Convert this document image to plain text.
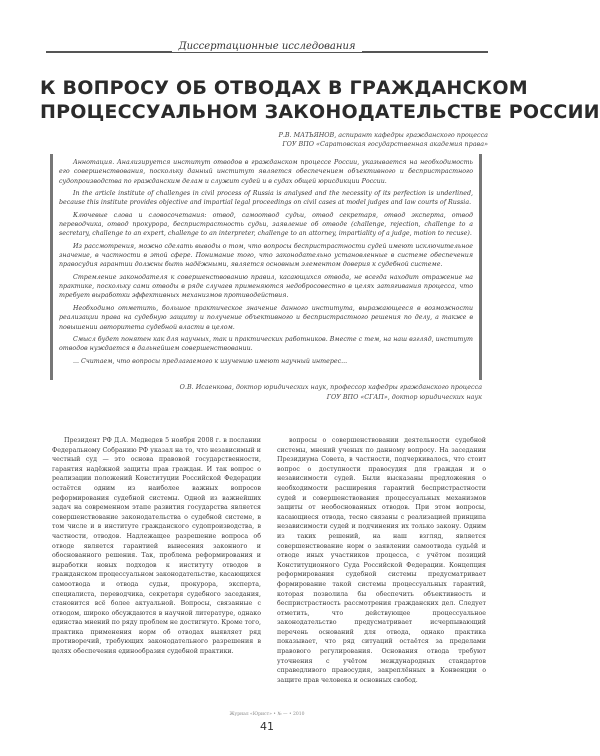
Диссертационные исследования
К ВОПРОСУ ОБ ОТВОДАХ В ГРАЖДАНСКОМ
ПРОЦЕССУАЛЬНОМ ЗАКОНОДАТЕЛЬСТВЕ РОССИИ
Р.В. МАТЬЯНОВ, аспирант кафедры гражданского процесса
ГОУ ВПО «Саратовская государственная академия права»

Аннотация. Анализируется институт отводов в гражданском процессе России, указывается на необходимость его совершенствования, поскольку данный институт является обеспечением объективного и беспристрастного судопроизводства по гражданским делам и служит судей и в судах общей юрисдикции России.

In the article institute of challenges in civil process of Russia is analysed and the necessity of its perfection is underlined, because this institute provides objective and impartial legal proceedings on civil cases at model judges and law courts of Russia.

Ключевые слова и словосочетания: отвод, самоотвод судьи, отвод секретаря, отвод эксперта, отвод переводчика, отвод прокурора, беспристрастность судьи, заявление об отводе (challenge, rejection, challenge to a secretary, challenge to an expert, challenge to an interpreter, challenge to an attorney, impartiality of a judge, motion to recuse).

Из рассмотрения, можно сделать выводы о том, что вопросы беспристрастности судей имеют исключительное значение, в частности в этой сфере. Понимание того, что законодательно установленные в системе обеспечения правосудия гарантии должны быть надёжными, является основным элементом доверия к судебной системе.

Стремление законодателя к совершенствованию правил, касающихся отвода, не всегда находит отражение на практике, поскольку сами отводы в ряде случаев применяются недобросовестно в целях затягивания процесса, что требует выработки эффективных механизмов противодействия.

Необходимо отметить, большое практическое значение данного института, выражающееся в возможности реализации права на судебную защиту и получение объективного и беспристрастного решения по делу, а также в повышении авторитета судебной власти в целом.

Смысл будет понятен как для научных, так и практических работников. Вместе с тем, на наш взгляд, институт отводов нуждается в дальнейшем совершенствовании.

... Считаем, что вопросы предлагаемого к изучению имеют научный интерес...

О.В. Исаенкова, доктор юридических наук, профессор кафедры гражданского процесса
ГОУ ВПО «СГАП», доктор юридических наук

Президент РФ Д.А. Медведев 5 ноября 2008 г. в послании Федеральному Собранию РФ указал на то, что независимый и честный суд — это основа правовой государственности, гарантия надёжной защиты прав граждан. И так вопрос о реализации положений Конституции Российской Федерации остаётся одним из наиболее важных вопросов реформирования судебной системы. Одной из важнейших задач на современном этапе развития государства является совершенствование законодательства о судебной системе, в том числе и в институте гражданского судопроизводства, в частности, отводов. Надлежащее разрешение вопроса об отводе является гарантией вынесения законного и обоснованного решения. Так, проблема реформирования и выработки новых подходов к институту отводов в гражданском процессуальном законодательстве, касающихся самоотвода и отвода судьи, прокурора, эксперта, специалиста, переводчика, секретаря судебного заседания, становится всё более актуальной. Вопросы, связанные с отводом, широко обсуждаются в научной литературе, однако единства мнений по ряду проблем не достигнуто. Кроме того, практика применения норм об отводах выявляет ряд противоречий, требующих законодательного разрешения в целях обеспечения единообразия судебной практики.

вопросы о совершенствовании деятельности судебной системы, мнений ученых по данному вопросу. На заседании Президиума Совета, в частности, подчеркивалось, что стоит вопрос о доступности правосудия для граждан и о независимости судей. Были высказаны предложения о необходимости расширения гарантий беспристрастности судей и совершенствования процессуальных механизмов защиты от необоснованных отводов. При этом вопросы, касающиеся отвода, тесно связаны с реализацией принципа независимости судей и подчинения их только закону. Одним из таких решений, на наш взгляд, является совершенствование норм о заявлении самоотвода судьёй и отводе иных участников процесса, с учётом позиций Конституционного Суда Российской Федерации. Концепция реформирования судебной системы предусматривает формирование такой системы процессуальных гарантий, которая позволила бы обеспечить объективность и беспристрастность рассмотрения гражданских дел. Следует отметить, что действующее процессуальное законодательство предусматривает исчерпывающий перечень оснований для отвода, однако практика показывает, что ряд ситуаций остаётся за пределами правового регулирования. Основания отвода требуют уточнения с учётом международных стандартов справедливого правосудия, закреплённых в Конвенции о защите прав человека и основных свобод.

Журнал «Юрист» • № — • 2010
41
